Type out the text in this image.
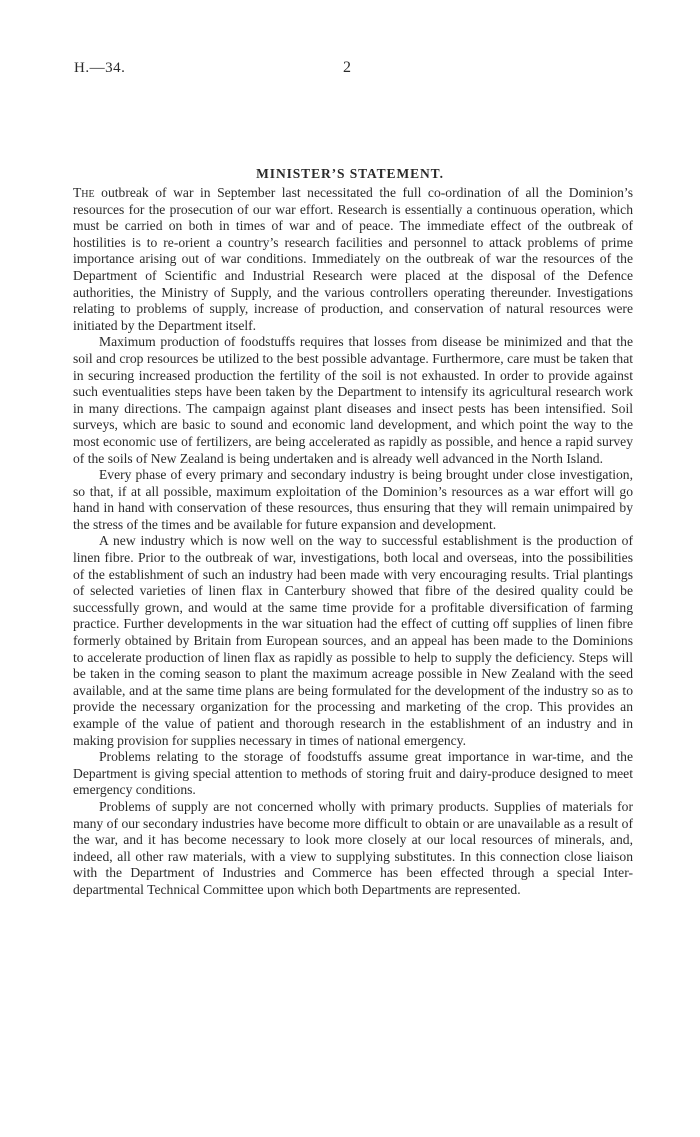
H.—34.	2
MINISTER’S STATEMENT.

The outbreak of war in September last necessitated the full co-ordination of all the Dominion’s resources for the prosecution of our war effort. Research is essentially a continuous operation, which must be carried on both in times of war and of peace. The immediate effect of the outbreak of hostilities is to re-orient a country’s research facilities and personnel to attack problems of prime importance arising out of war conditions. Immediately on the outbreak of war the resources of the Department of Scientific and Industrial Research were placed at the disposal of the Defence authorities, the Ministry of Supply, and the various controllers operating thereunder. Investigations relating to problems of supply, increase of production, and conservation of natural resources were initiated by the Department itself.

Maximum production of foodstuffs requires that losses from disease be minimized and that the soil and crop resources be utilized to the best possible advantage. Furthermore, care must be taken that in securing increased production the fertility of the soil is not exhausted. In order to provide against such eventualities steps have been taken by the Department to intensify its agricultural research work in many directions. The campaign against plant diseases and insect pests has been intensified. Soil surveys, which are basic to sound and economic land development, and which point the way to the most economic use of fertilizers, are being accelerated as rapidly as possible, and hence a rapid survey of the soils of New Zealand is being undertaken and is already well advanced in the North Island.

Every phase of every primary and secondary industry is being brought under close investigation, so that, if at all possible, maximum exploitation of the Dominion’s resources as a war effort will go hand in hand with conservation of these resources, thus ensuring that they will remain unimpaired by the stress of the times and be available for future expansion and development.

A new industry which is now well on the way to successful establishment is the production of linen fibre. Prior to the outbreak of war, investigations, both local and overseas, into the possibilities of the establishment of such an industry had been made with very encouraging results. Trial plantings of selected varieties of linen flax in Canterbury showed that fibre of the desired quality could be successfully grown, and would at the same time provide for a profitable diversification of farming practice. Further developments in the war situation had the effect of cutting off supplies of linen fibre formerly obtained by Britain from European sources, and an appeal has been made to the Dominions to accelerate production of linen flax as rapidly as possible to help to supply the deficiency. Steps will be taken in the coming season to plant the maximum acreage possible in New Zealand with the seed available, and at the same time plans are being formulated for the development of the industry so as to provide the necessary organization for the processing and marketing of the crop. This provides an example of the value of patient and thorough research in the establishment of an industry and in making provision for supplies necessary in times of national emergency.

Problems relating to the storage of foodstuffs assume great importance in war-time, and the Department is giving special attention to methods of storing fruit and dairy-produce designed to meet emergency conditions.

Problems of supply are not concerned wholly with primary products. Supplies of materials for many of our secondary industries have become more difficult to obtain or are unavailable as a result of the war, and it has become necessary to look more closely at our local resources of minerals, and, indeed, all other raw materials, with a view to supplying substitutes. In this connection close liaison with the Department of Industries and Commerce has been effected through a special Inter-departmental Technical Committee upon which both Departments are represented.
